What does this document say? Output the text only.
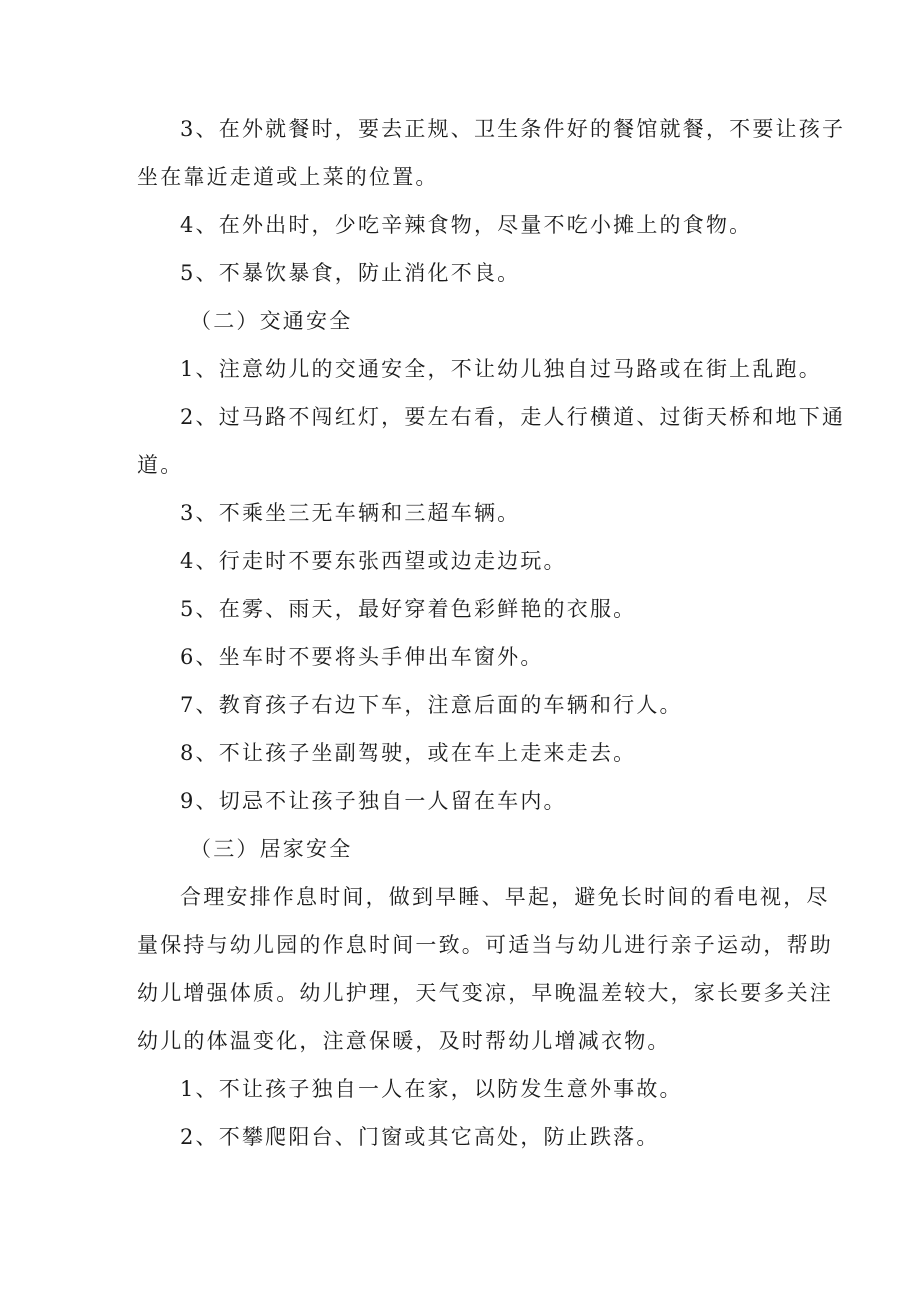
3、在外就餐时，要去正规、卫生条件好的餐馆就餐，不要让孩子
坐在靠近走道或上菜的位置。
4、在外出时，少吃辛辣食物，尽量不吃小摊上的食物。
5、不暴饮暴食，防止消化不良。
（二）交通安全
1、注意幼儿的交通安全，不让幼儿独自过马路或在街上乱跑。
2、过马路不闯红灯，要左右看，走人行横道、过街天桥和地下通
道。
3、不乘坐三无车辆和三超车辆。
4、行走时不要东张西望或边走边玩。
5、在雾、雨天，最好穿着色彩鲜艳的衣服。
6、坐车时不要将头手伸出车窗外。
7、教育孩子右边下车，注意后面的车辆和行人。
8、不让孩子坐副驾驶，或在车上走来走去。
9、切忌不让孩子独自一人留在车内。
（三）居家安全
合理安排作息时间，做到早睡、早起，避免长时间的看电视，尽
量保持与幼儿园的作息时间一致。可适当与幼儿进行亲子运动，帮助
幼儿增强体质。幼儿护理，天气变凉，早晚温差较大，家长要多关注
幼儿的体温变化，注意保暖，及时帮幼儿增减衣物。
1、不让孩子独自一人在家，以防发生意外事故。
2、不攀爬阳台、门窗或其它高处，防止跌落。
